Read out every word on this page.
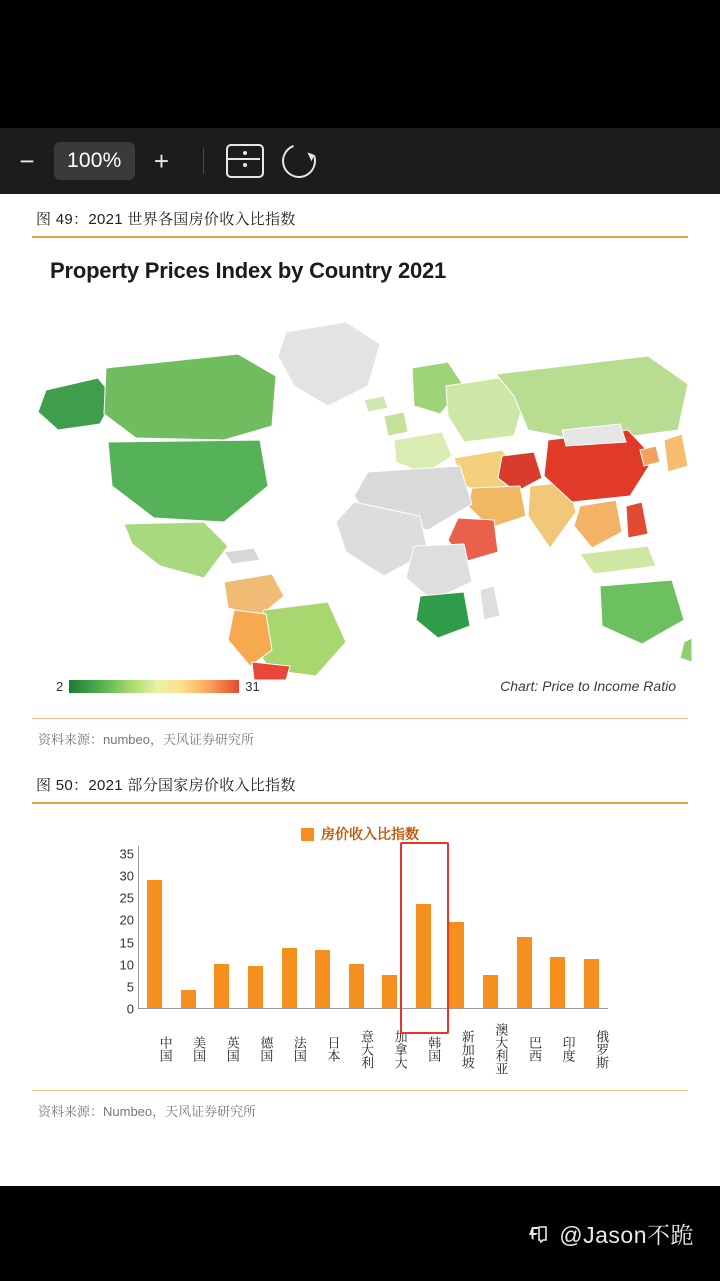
−	100%	+
图 49：2021 世界各国房价收入比指数
Property Prices Index by Country 2021
2	31	Chart: Price to Income Ratio
资料来源：numbeo，天风证券研究所
图 50：2021 部分国家房价收入比指数
房价收入比指数
0
5
10
15
20
25
30
35
中国	美国	英国	德国	法国	日本	意大利	加拿大	韩国	新加坡	澳大利亚	巴西	印度	俄罗斯
资料来源：Numbeo，天风证券研究所
@Jason不跪
